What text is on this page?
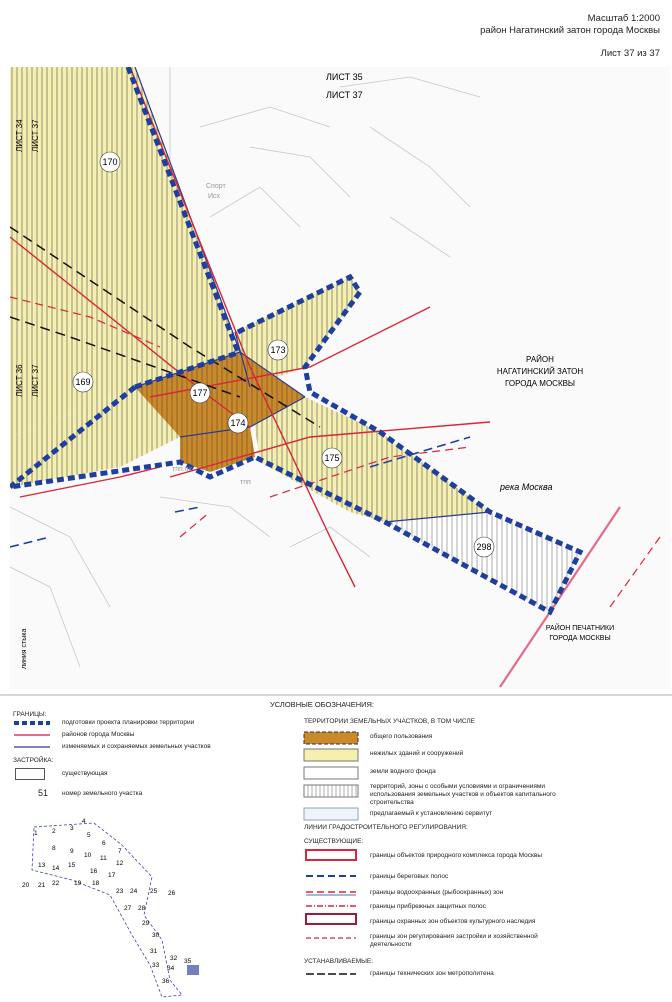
Масштаб 1:2000
район Нагатинский затон города Москвы
Лист 37 из 37
ЛИСТ 35
ЛИСТ 37
ЛИСТ 34 ЛИСТ 37
ЛИСТ 36 ЛИСТ 37
170
173
177
174
169
175
298
РАЙОН
НАГАТИНСКИЙ ЗАТОН
ГОРОДА МОСКВЫ
река Москва
РАЙОН ПЕЧАТНИКИ
ГОРОДА МОСКВЫ
линия стыка
Исх
Спорт
тпп.пх
тпп
УСЛОВНЫЕ ОБОЗНАЧЕНИЯ:
ГРАНИЦЫ:
подготовки проекта планировки территории
районов города Москвы
изменяемых и сохраняемых земельных участков
ЗАСТРОЙКА:
существующая
51 номер земельного участка
1 2 3
4
5
6
7
8 9
10 11
12
13 14 15
16
17
18
19
20 21 22
23 24 25 26
27 28
29
30
31
32
33 34
35
36
ТЕРРИТОРИИ ЗЕМЕЛЬНЫХ УЧАСТКОВ, В ТОМ ЧИСЛЕ
общего пользования
нежилых зданий и сооружений
земли водного фонда
территорий, зоны с особыми условиями и ограничениями использования земельных участков и объектов капитального строительства
предлагаемый к установлению сервитут
ЛИНИИ ГРАДОСТРОИТЕЛЬНОГО РЕГУЛИРОВАНИЯ:
СУЩЕСТВУЮЩИЕ:
границы объектов природного комплекса города Москвы
границы береговых полос
границы водоохранных (рыбоохранных) зон
границы прибрежных защитных полос
границы охранных зон объектов культурного наследия
границы зон регулирования застройки и хозяйственной деятельности
УСТАНАВЛИВАЕМЫЕ:
границы технических зон метрополитена
